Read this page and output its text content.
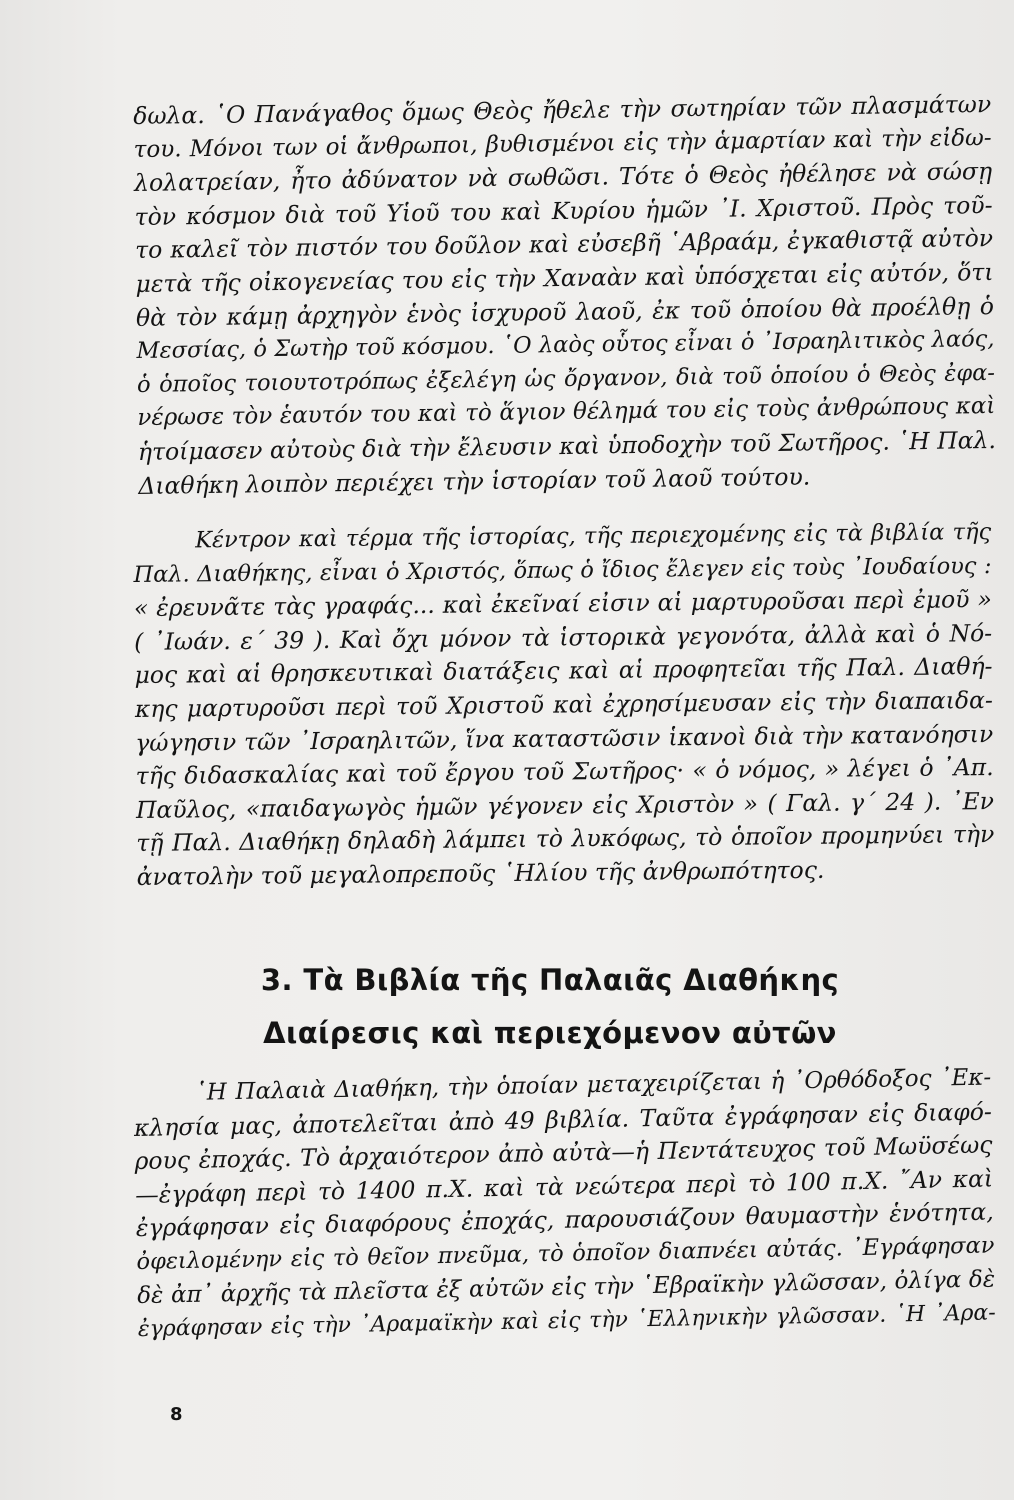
δωλα. ῾Ο Πανάγαθος ὅμως Θεὸς ἤθελε τὴν σωτηρίαν τῶν πλασμάτων
του. Μόνοι των οἱ ἄνθρωποι, βυθισμένοι εἰς τὴν ἁμαρτίαν καὶ τὴν εἰδω-
λολατρείαν, ἦτο ἀδύνατον νὰ σωθῶσι. Τότε ὁ Θεὸς ἠθέλησε νὰ σώσῃ
τὸν κόσμον διὰ τοῦ Υἱοῦ του καὶ Κυρίου ἡμῶν ᾽Ι. Χριστοῦ. Πρὸς τοῦ-
το καλεῖ τὸν πιστόν του δοῦλον καὶ εὐσεβῆ ῾Αβραάμ, ἐγκαθιστᾷ αὐτὸν
μετὰ τῆς οἰκογενείας του εἰς τὴν Χαναὰν καὶ ὑπόσχεται εἰς αὐτόν, ὅτι
θὰ τὸν κάμῃ ἀρχηγὸν ἑνὸς ἰσχυροῦ λαοῦ, ἐκ τοῦ ὁποίου θὰ προέλθῃ ὁ
Μεσσίας, ὁ Σωτὴρ τοῦ κόσμου. ῾Ο λαὸς οὗτος εἶναι ὁ ᾽Ισραηλιτικὸς λαός,
ὁ ὁποῖος τοιουτοτρόπως ἐξελέγη ὡς ὄργανον, διὰ τοῦ ὁποίου ὁ Θεὸς ἐφα-
νέρωσε τὸν ἑαυτόν του καὶ τὸ ἅγιον θέλημά του εἰς τοὺς ἀνθρώπους καὶ
ἡτοίμασεν αὐτοὺς διὰ τὴν ἔλευσιν καὶ ὑποδοχὴν τοῦ Σωτῆρος. ῾Η Παλ.
Διαθήκη λοιπὸν περιέχει τὴν ἱστορίαν τοῦ λαοῦ τούτου.

Κέντρον καὶ τέρμα τῆς ἱστορίας, τῆς περιεχομένης εἰς τὰ βιβλία τῆς
Παλ. Διαθήκης, εἶναι ὁ Χριστός, ὅπως ὁ ἴδιος ἔλεγεν εἰς τοὺς ᾽Ιουδαίους :
« ἐρευνᾶτε τὰς γραφάς... καὶ ἐκεῖναί εἰσιν αἱ μαρτυροῦσαι περὶ ἐμοῦ »
( ᾽Ιωάν. ε΄ 39 ). Καὶ ὄχι μόνον τὰ ἱστορικὰ γεγονότα, ἀλλὰ καὶ ὁ Νό-
μος καὶ αἱ θρησκευτικαὶ διατάξεις καὶ αἱ προφητεῖαι τῆς Παλ. Διαθή-
κης μαρτυροῦσι περὶ τοῦ Χριστοῦ καὶ ἐχρησίμευσαν εἰς τὴν διαπαιδα-
γώγησιν τῶν ᾽Ισραηλιτῶν, ἵνα καταστῶσιν ἱκανοὶ διὰ τὴν κατανόησιν
τῆς διδασκαλίας καὶ τοῦ ἔργου τοῦ Σωτῆρος· « ὁ νόμος, » λέγει ὁ ᾽Απ.
Παῦλος, «παιδαγωγὸς ἡμῶν γέγονεν εἰς Χριστὸν » ( Γαλ. γ΄ 24 ). ᾽Εν
τῇ Παλ. Διαθήκῃ δηλαδὴ λάμπει τὸ λυκόφως, τὸ ὁποῖον προμηνύει τὴν
ἀνατολὴν τοῦ μεγαλοπρεποῦς ῾Ηλίου τῆς ἀνθρωπότητος.

3. Τὰ Βιβλία τῆς Παλαιᾶς Διαθήκης
Διαίρεσις καὶ περιεχόμενον αὐτῶν

῾Η Παλαιὰ Διαθήκη, τὴν ὁποίαν μεταχειρίζεται ἡ ᾽Ορθόδοξος ᾽Εκ-
κλησία μας, ἀποτελεῖται ἀπὸ 49 βιβλία. Ταῦτα ἐγράφησαν εἰς διαφό-
ρους ἐποχάς. Τὸ ἀρχαιότερον ἀπὸ αὐτὰ—ἡ Πεντάτευχος τοῦ Μωϋσέως
—ἐγράφη περὶ τὸ 1400 π.Χ. καὶ τὰ νεώτερα περὶ τὸ 100 π.Χ. ῎Αν καὶ
ἐγράφησαν εἰς διαφόρους ἐποχάς, παρουσιάζουν θαυμαστὴν ἑνότητα,
ὀφειλομένην εἰς τὸ θεῖον πνεῦμα, τὸ ὁποῖον διαπνέει αὐτάς. ᾽Εγράφησαν
δὲ ἀπ᾽ ἀρχῆς τὰ πλεῖστα ἐξ αὐτῶν εἰς τὴν ῾Εβραϊκὴν γλῶσσαν, ὀλίγα δὲ
ἐγράφησαν εἰς τὴν ᾽Αραμαϊκὴν καὶ εἰς τὴν ῾Ελληνικὴν γλῶσσαν. ῾Η ᾽Αρα-

8
